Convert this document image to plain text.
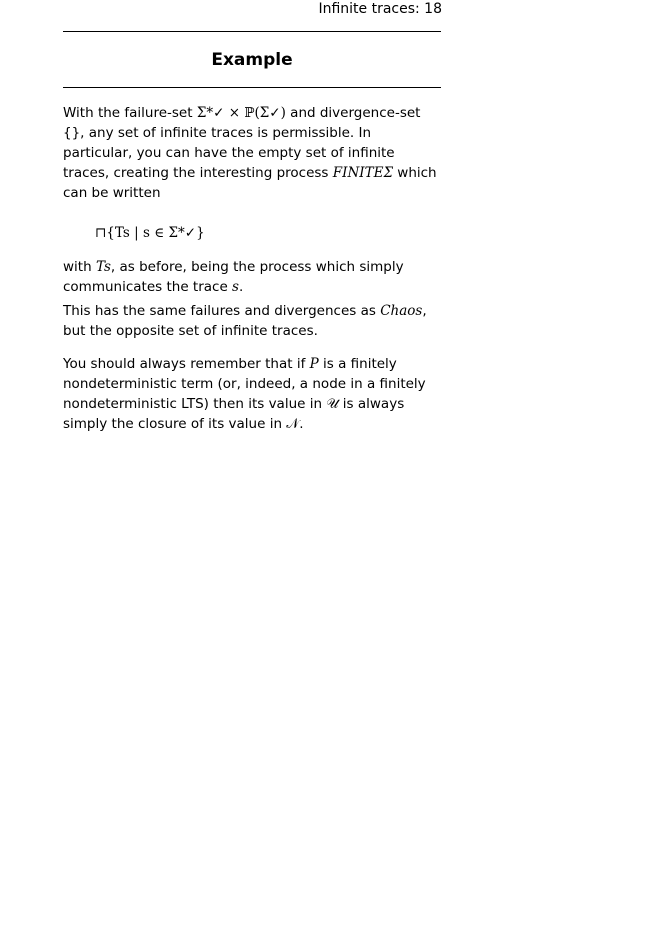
Infinite traces: 18
Example

With the failure-set Σ*✓ × ℙ(Σ✓) and divergence-set {}, any set of infinite traces is permissible. In particular, you can have the empty set of infinite traces, creating the interesting process FINITEΣ which can be written

⊓{Ts | s ∈ Σ*✓}

with Ts, as before, being the process which simply communicates the trace s.

This has the same failures and divergences as Chaos, but the opposite set of infinite traces.

You should always remember that if P is a finitely nondeterministic term (or, indeed, a node in a finitely nondeterministic LTS) then its value in 𝒰 is always simply the closure of its value in 𝒩.
